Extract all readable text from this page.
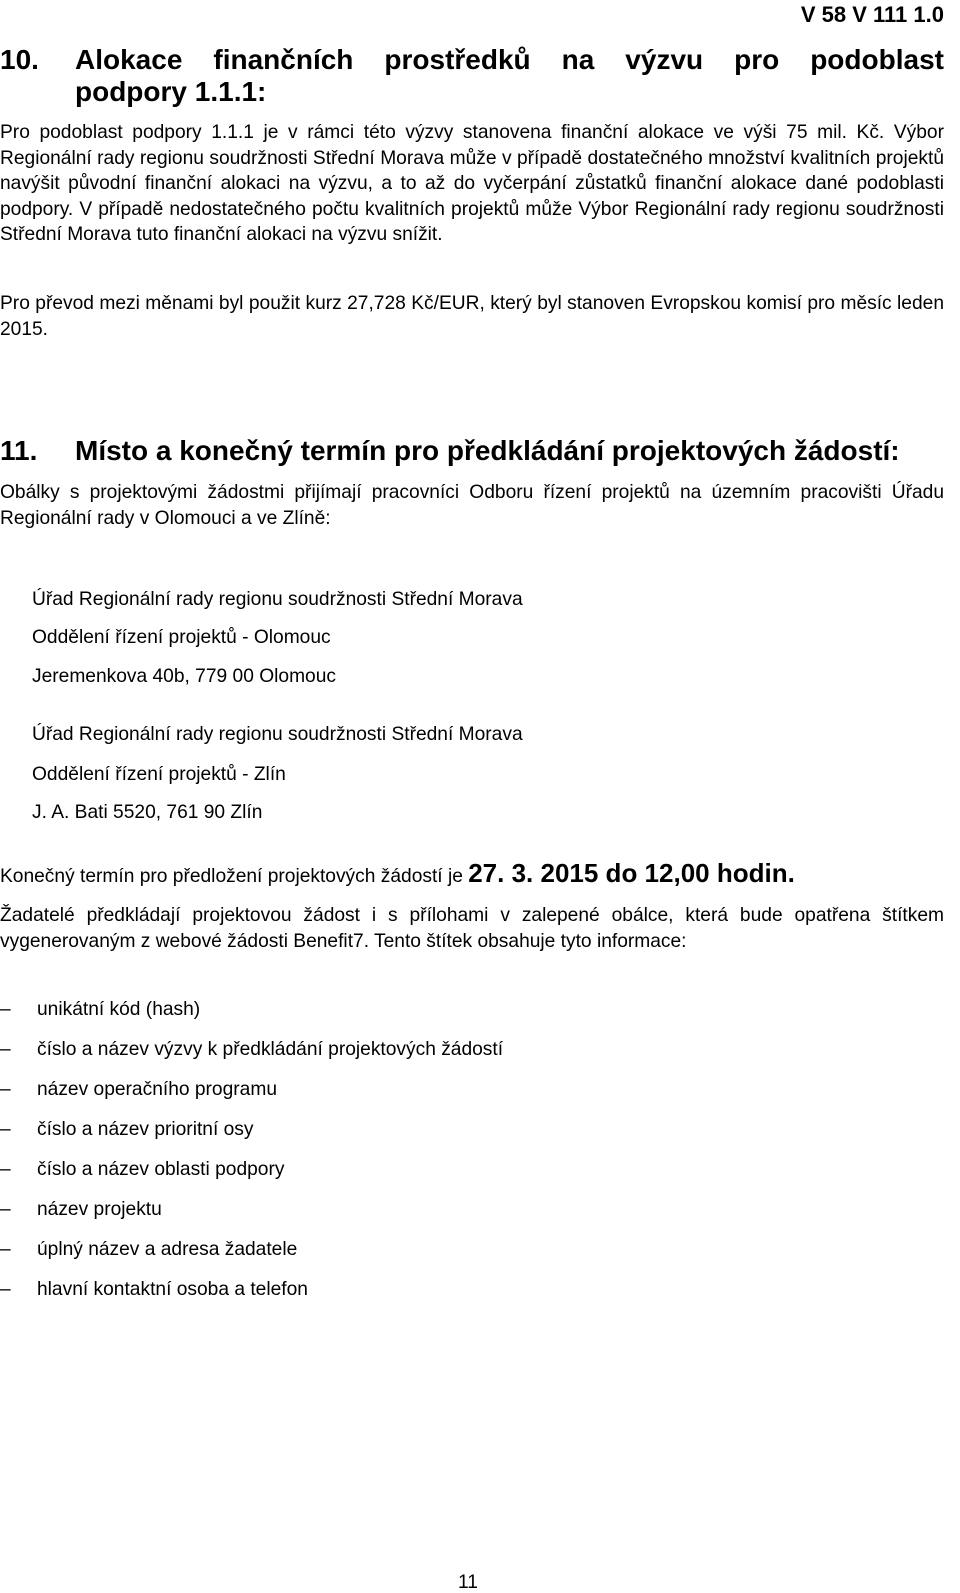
V 58 V 111 1.0
10. Alokace finančních prostředků na výzvu pro podoblast
podpory 1.1.1:
Pro podoblast podpory 1.1.1 je v rámci této výzvy stanovena finanční alokace ve výši 75 mil. Kč. Výbor Regionální rady regionu soudržnosti Střední Morava může v případě dostatečného množství kvalitních projektů navýšit původní finanční alokaci na výzvu, a to až do vyčerpání zůstatků finanční alokace dané podoblasti podpory. V případě nedostatečného počtu kvalitních projektů může Výbor Regionální rady regionu soudržnosti Střední Morava tuto finanční alokaci na výzvu snížit.
Pro převod mezi měnami byl použit kurz 27,728 Kč/EUR, který byl stanoven Evropskou komisí pro měsíc leden 2015.
11. Místo a konečný termín pro předkládání projektových žádostí:
Obálky s projektovými žádostmi přijímají pracovníci Odboru řízení projektů na územním pracovišti Úřadu Regionální rady v Olomouci a ve Zlíně:
Úřad Regionální rady regionu soudržnosti Střední Morava
Oddělení řízení projektů - Olomouc
Jeremenkova 40b, 779 00 Olomouc
Úřad Regionální rady regionu soudržnosti Střední Morava
Oddělení řízení projektů - Zlín
J. A. Bati 5520, 761 90 Zlín
Konečný termín pro předložení projektových žádostí je 27. 3. 2015 do 12,00 hodin.
Žadatelé předkládají projektovou žádost i s přílohami v zalepené obálce, která bude opatřena štítkem vygenerovaným z webové žádosti Benefit7. Tento štítek obsahuje tyto informace:
– unikátní kód (hash)
– číslo a název výzvy k předkládání projektových žádostí
– název operačního programu
– číslo a název prioritní osy
– číslo a název oblasti podpory
– název projektu
– úplný název a adresa žadatele
– hlavní kontaktní osoba a telefon
11
